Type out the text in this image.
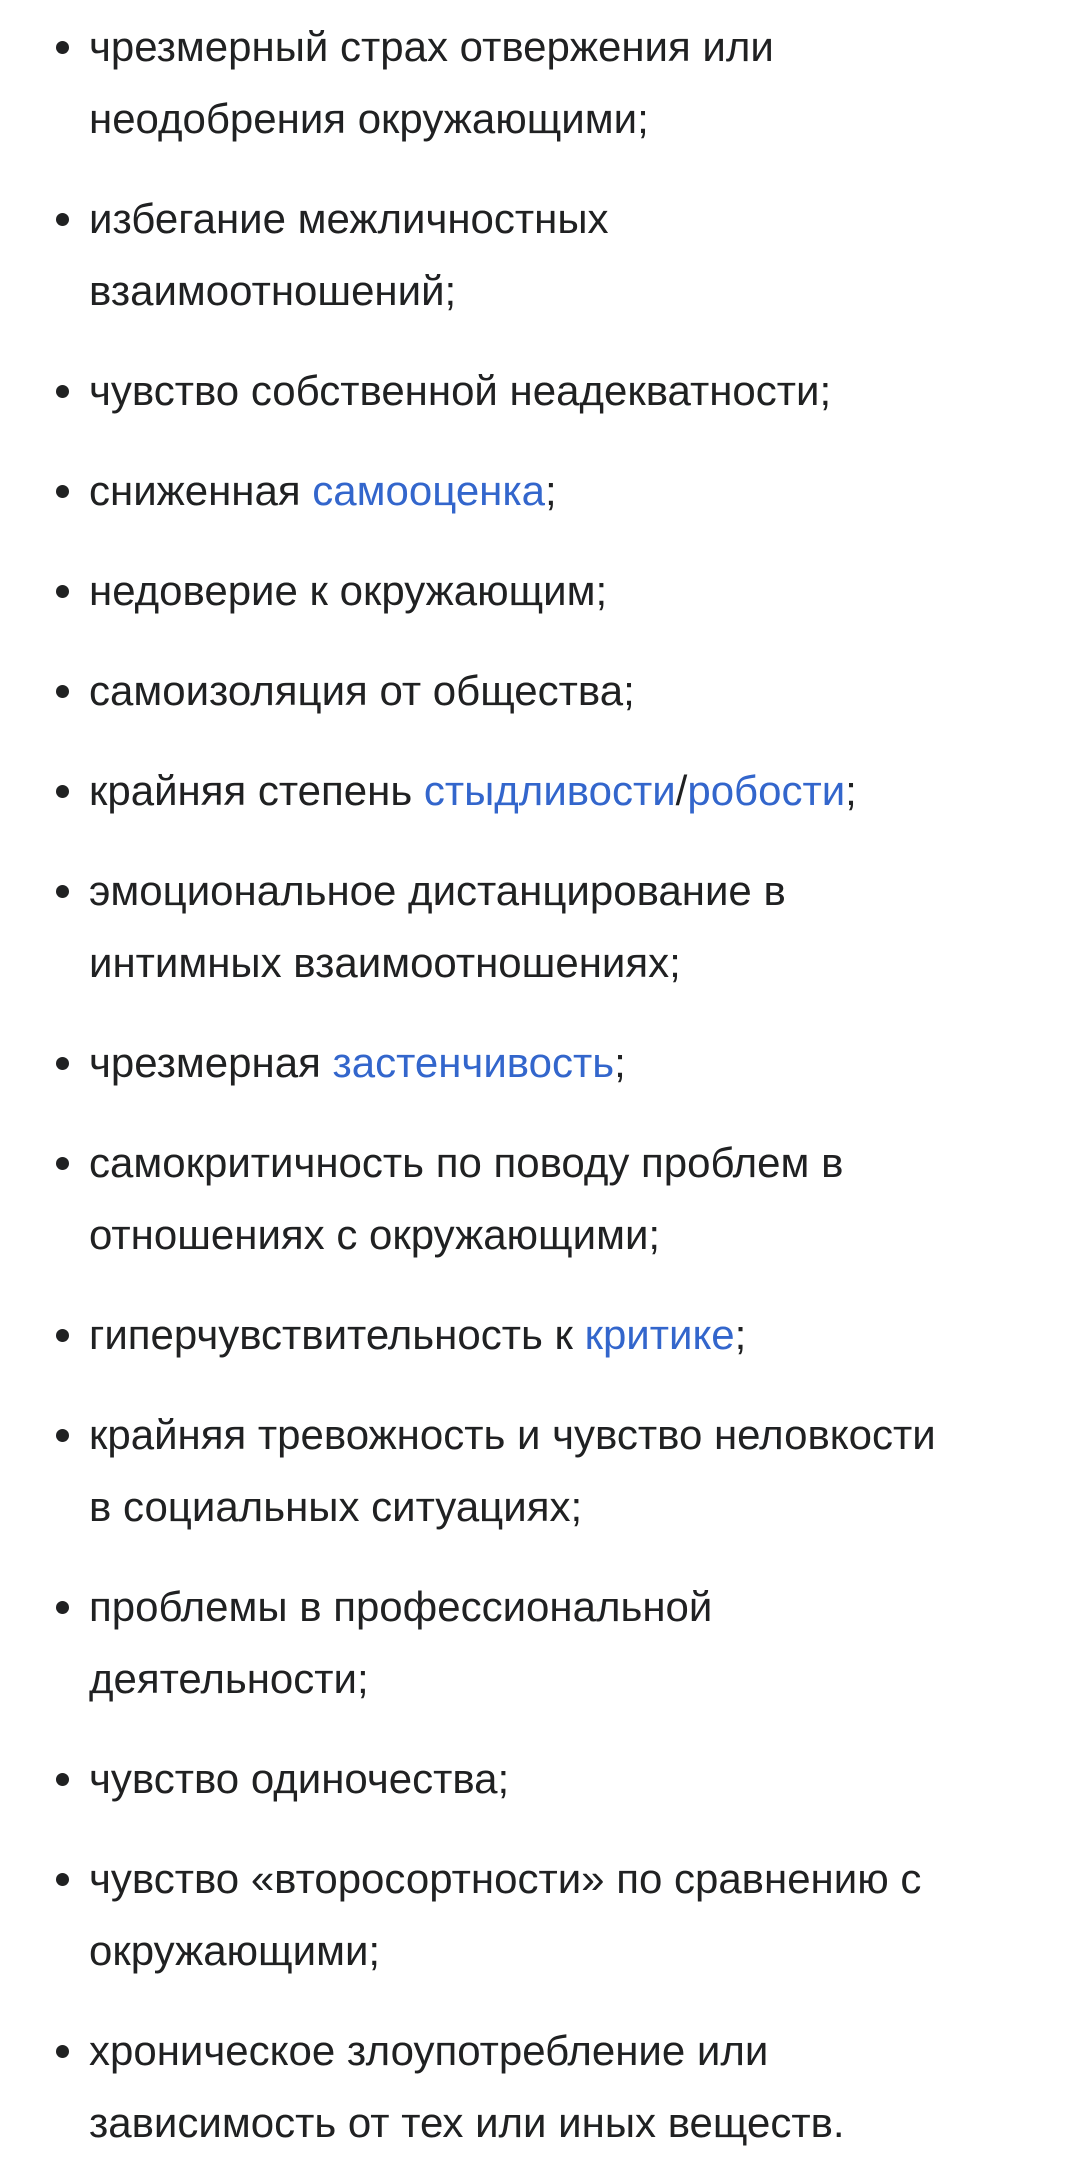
чрезмерный страх отвержения или
неодобрения окружающими;
избегание межличностных
взаимоотношений;
чувство собственной неадекватности;
сниженная самооценка;
недоверие к окружающим;
самоизоляция от общества;
крайняя степень стыдливости/робости;
эмоциональное дистанцирование в
интимных взаимоотношениях;
чрезмерная застенчивость;
самокритичность по поводу проблем в
отношениях с окружающими;
гиперчувствительность к критике;
крайняя тревожность и чувство неловкости
в социальных ситуациях;
проблемы в профессиональной
деятельности;
чувство одиночества;
чувство «второсортности» по сравнению с
окружающими;
хроническое злоупотребление или
зависимость от тех или иных веществ.
